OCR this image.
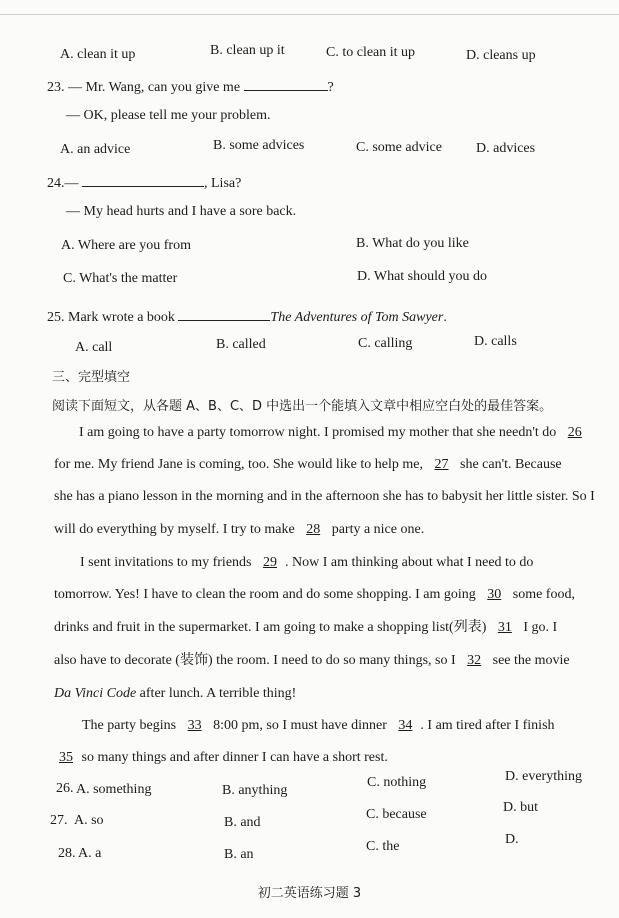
A. clean it up	B. clean up it	C. to clean it up	D. cleans up
23. — Mr. Wang, can you give me	?
— OK, please tell me your problem.
A. an advice	B. some advices	C. some advice D. advices
24.—	, Lisa?
— My head hurts and I have a sore back.
A. Where are you from	B. What do you like
C. What's the matter	D. What should you do
25. Mark wrote a book	The Adventures of Tom Sawyer.
A. call	B. called	C. calling	D. calls
三、完型填空
阅读下面短文，从各题 A、B、C、D 中选出一个能填入文章中相应空白处的最佳答案。
I am going to have a party tomorrow night. I promised my mother that she needn't do 26
for me. My friend Jane is coming, too. She would like to help me, 27 she can't. Because
she has a piano lesson in the morning and in the afternoon she has to babysit her little sister. So I
will do everything by myself. I try to make 28 party a nice one.
I sent invitations to my friends 29 . Now I am thinking about what I need to do
tomorrow. Yes! I have to clean the room and do some shopping. I am going 30 some food,
drinks and fruit in the supermarket. I am going to make a shopping list(列表) 31 I go. I
also have to decorate (装饰) the room. I need to do so many things, so I 32 see the movie
Da Vinci Code after lunch. A terrible thing!
The party begins 33 8:00 pm, so I must have dinner 34 . I am tired after I finish
35 so many things and after dinner I can have a short rest.
26. A. something	B. anything
C. nothing	D. everything
27. A. so	B. and
C. because	D. but
28. A. a	B. an
C. the	D.
初二英语练习题 3
